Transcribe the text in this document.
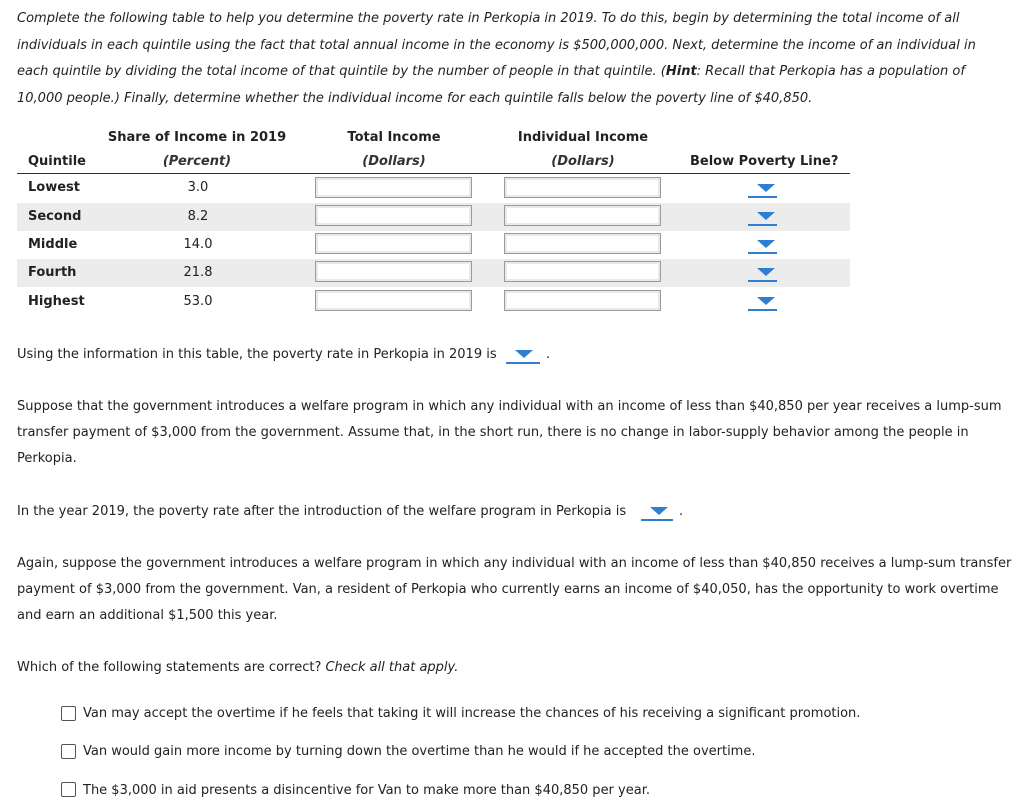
Complete the following table to help you determine the poverty rate in Perkopia in 2019. To do this, begin by determining the total income of all individuals in each quintile using the fact that total annual income in the economy is $500,000,000. Next, determine the income of an individual in each quintile by dividing the total income of that quintile by the number of people in that quintile. (Hint: Recall that Perkopia has a population of 10,000 people.) Finally, determine whether the individual income for each quintile falls below the poverty line of $40,850.
Share of Income in 2019	Total Income	Individual Income
Quintile	(Percent)	(Dollars)	(Dollars)	Below Poverty Line?
Lowest	3.0
Second	8.2
Middle	14.0
Fourth	21.8
Highest	53.0
Using the information in this table, the poverty rate in Perkopia in 2019 is	.
Suppose that the government introduces a welfare program in which any individual with an income of less than $40,850 per year receives a lump-sum transfer payment of $3,000 from the government. Assume that, in the short run, there is no change in labor-supply behavior among the people in Perkopia.
In the year 2019, the poverty rate after the introduction of the welfare program in Perkopia is	.
Again, suppose the government introduces a welfare program in which any individual with an income of less than $40,850 receives a lump-sum transfer payment of $3,000 from the government. Van, a resident of Perkopia who currently earns an income of $40,050, has the opportunity to work overtime and earn an additional $1,500 this year.
Which of the following statements are correct? Check all that apply.
Van may accept the overtime if he feels that taking it will increase the chances of his receiving a significant promotion.
Van would gain more income by turning down the overtime than he would if he accepted the overtime.
The $3,000 in aid presents a disincentive for Van to make more than $40,850 per year.
